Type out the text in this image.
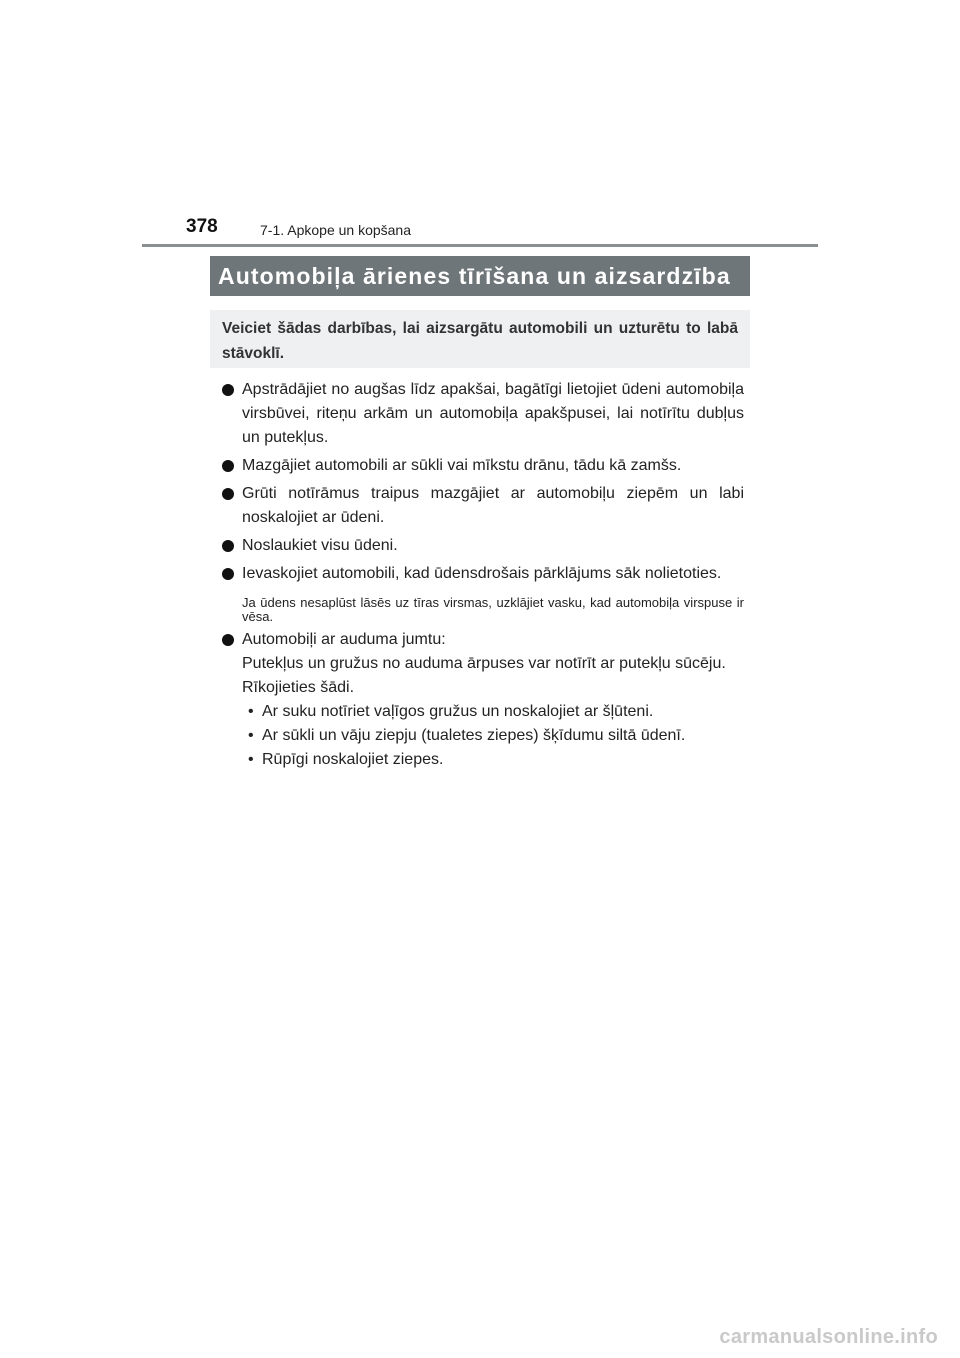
378	7-1. Apkope un kopšana
Automobiļa ārienes tīrīšana un aizsardzība

Veiciet šādas darbības, lai aizsargātu automobili un uzturētu to labā stāvoklī.

Apstrādājiet no augšas līdz apakšai, bagātīgi lietojiet ūdeni automobiļa virsbūvei, riteņu arkām un automobiļa apakšpusei, lai notīrītu dubļus un putekļus.
Mazgājiet automobili ar sūkli vai mīkstu drānu, tādu kā zamšs.
Grūti notīrāmus traipus mazgājiet ar automobiļu ziepēm un labi noskalojiet ar ūdeni.
Noslaukiet visu ūdeni.
Ievaskojiet automobili, kad ūdensdrošais pārklājums sāk nolietoties.
Ja ūdens nesaplūst lāsēs uz tīras virsmas, uzklājiet vasku, kad automobiļa virspuse ir vēsa.
Automobiļi ar auduma jumtu:
Putekļus un gružus no auduma ārpuses var notīrīt ar putekļu sūcēju.
Rīkojieties šādi.
• Ar suku notīriet vaļīgos gružus un noskalojiet ar šļūteni.
• Ar sūkli un vāju ziepju (tualetes ziepes) šķīdumu siltā ūdenī.
• Rūpīgi noskalojiet ziepes.
carmanualsonline.info
